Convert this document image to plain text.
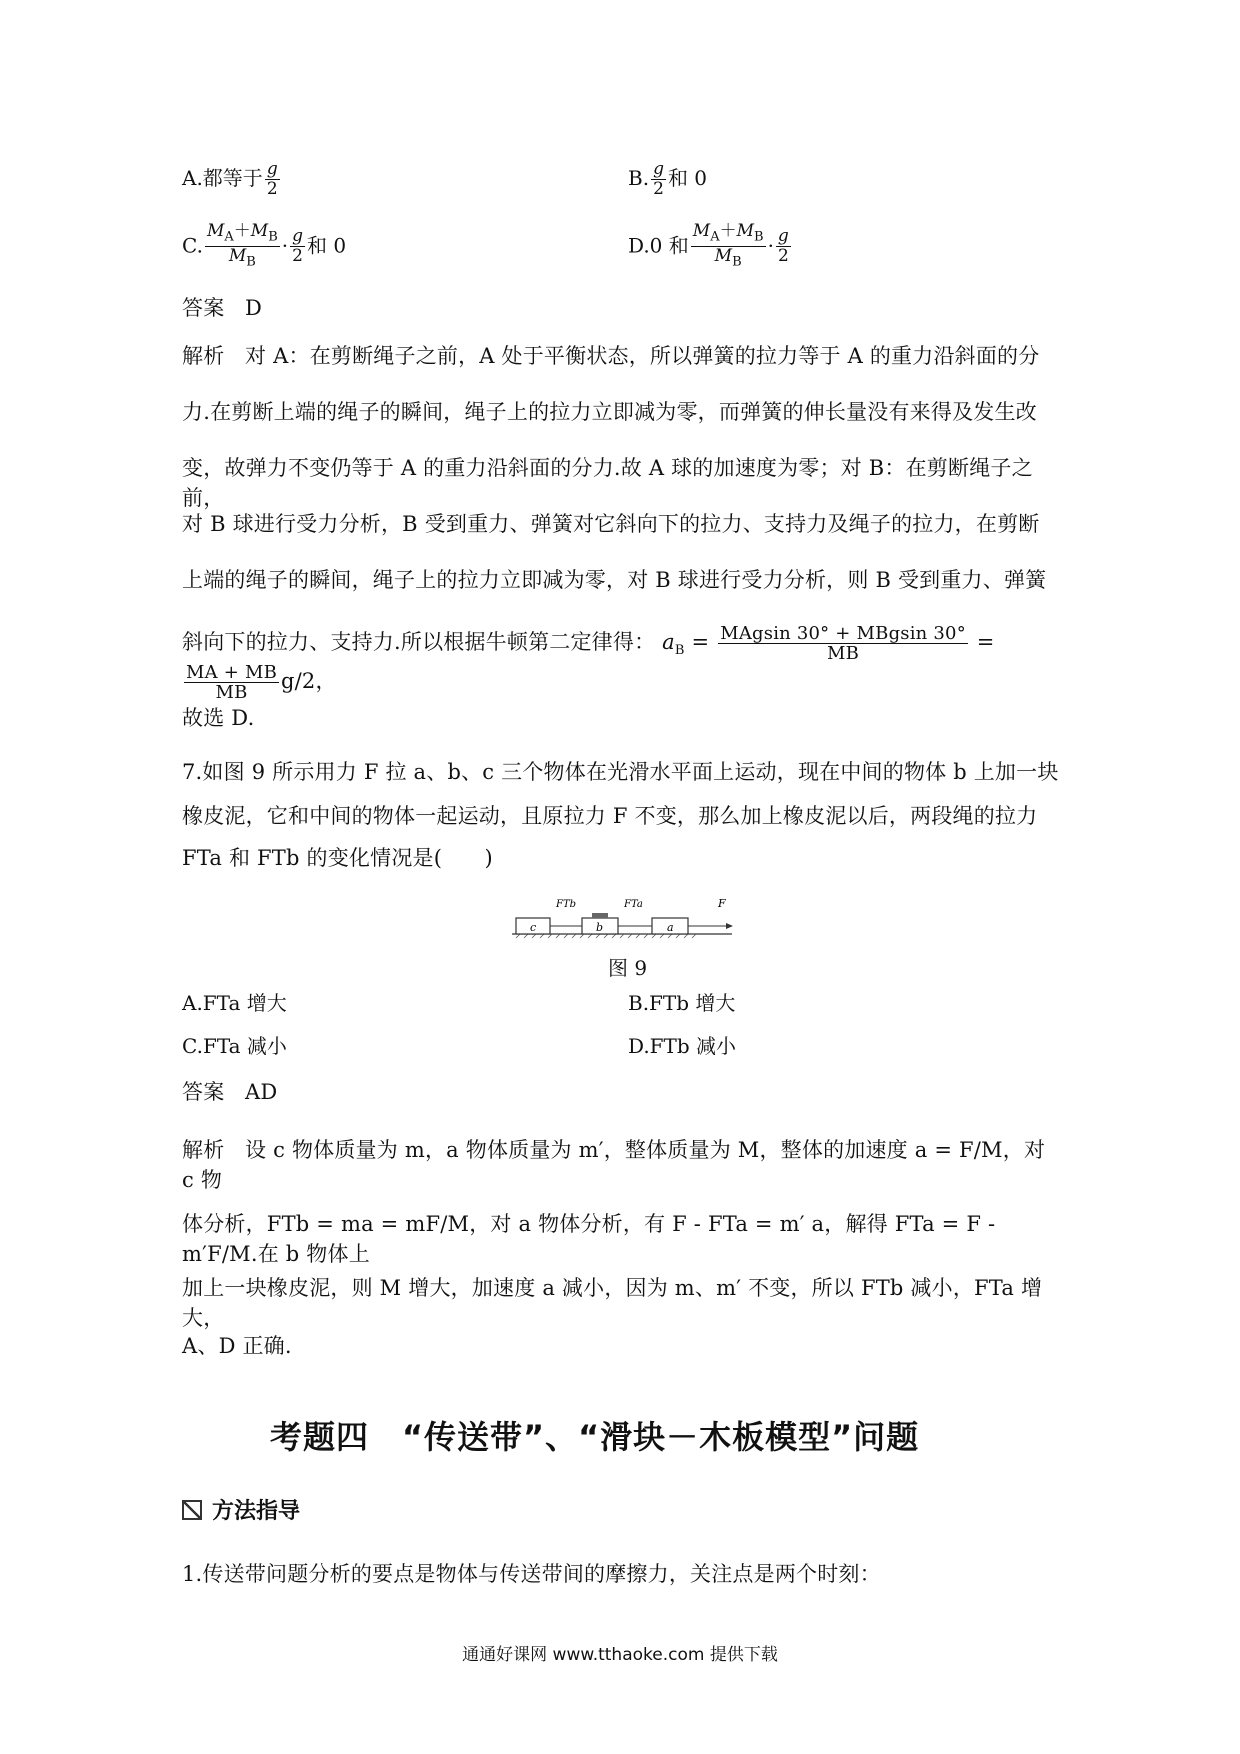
A.都等于 $\frac{g}{2}$	B. $\frac{g}{2}$ 和 0
C. $\frac{M_A+M_B}{M_B} \cdot \frac{g}{2}$ 和 0	D.0 和 $\frac{M_A+M_B}{M_B} \cdot \frac{g}{2}$
答案 D
解析 对 A：在剪断绳子之前，A 处于平衡状态，所以弹簧的拉力等于 A 的重力沿斜面的分
力.在剪断上端的绳子的瞬间，绳子上的拉力立即减为零，而弹簧的伸长量没有来得及发生改
变，故弹力不变仍等于 A 的重力沿斜面的分力.故 A 球的加速度为零；对 B：在剪断绳子之前，
对 B 球进行受力分析，B 受到重力、弹簧对它斜向下的拉力、支持力及绳子的拉力，在剪断
上端的绳子的瞬间，绳子上的拉力立即减为零，对 B 球进行受力分析，则 B 受到重力、弹簧
斜向下的拉力、支持力.所以根据牛顿第二定律得： $a_B = \frac{\text{MAgsin 30° + MBgsin 30°}}{MB}$ =
$\frac{MA + MB}{MB} g/2$，
故选 D.
7.如图 9 所示用力 F 拉 a、b、c 三个物体在光滑水平面上运动，现在中间的物体 b 上加一块
橡皮泥，它和中间的物体一起运动，且原拉力 F 不变，那么加上橡皮泥以后，两段绳的拉力
FTa 和 FTb 的变化情况是(　　)
c	b	a
FTb	FTa	F
图 9
A.FTa 增大	B.FTb 增大
C.FTa 减小	D.FTb 减小
答案 AD
解析 设 c 物体质量为 m，a 物体质量为 m′，整体质量为 M，整体的加速度 a = F/M，对 c 物
体分析，FTb = ma = mF/M，对 a 物体分析，有 F - FTa = m′ a，解得 FTa = F - m′F/M.在 b 物体上
加上一块橡皮泥，则 M 增大，加速度 a 减小，因为 m、m′ 不变，所以 FTb 减小，FTa 增大，
A、D 正确.
考题四　“传送带”、“滑块－木板模型”问题
方法指导
1.传送带问题分析的要点是物体与传送带间的摩擦力，关注点是两个时刻：
通通好课网 www.tthaoke.com 提供下载
